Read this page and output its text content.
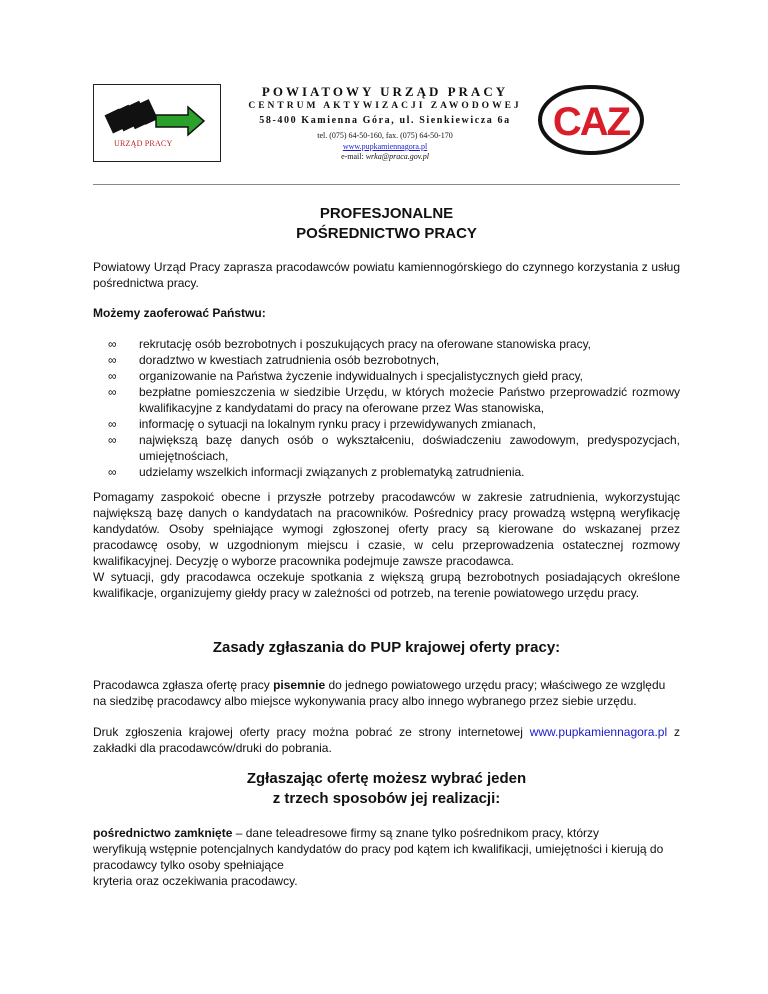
URZĄD PRACY
POWIATOWY URZĄD PRACY
CENTRUM AKTYWIZACJI ZAWODOWEJ
58-400 Kamienna Góra, ul. Sienkiewicza 6a
tel. (075) 64-50-160, fax. (075) 64-50-170
www.pupkamiennagora.pl
e-mail: wrka@praca.gov.pl
CAZ
PROFESJONALNE
POŚREDNICTWO PRACY
Powiatowy Urząd Pracy zaprasza pracodawców powiatu kamiennogórskiego do czynnego korzystania z usług pośrednictwa pracy.
Możemy zaoferować Państwu:
∞ rekrutację osób bezrobotnych i poszukujących pracy na oferowane stanowiska pracy,
∞ doradztwo w kwestiach zatrudnienia osób bezrobotnych,
∞ organizowanie na Państwa życzenie indywidualnych i specjalistycznych giełd pracy,
∞ bezpłatne pomieszczenia w siedzibie Urzędu, w których możecie Państwo przeprowadzić rozmowy kwalifikacyjne z kandydatami do pracy na oferowane przez Was stanowiska,
∞ informację o sytuacji na lokalnym rynku pracy i przewidywanych zmianach,
∞ największą bazę danych osób o wykształceniu, doświadczeniu zawodowym, predyspozycjach, umiejętnościach,
∞ udzielamy wszelkich informacji związanych z problematyką zatrudnienia.
Pomagamy zaspokoić obecne i przyszłe potrzeby pracodawców w zakresie zatrudnienia, wykorzystując największą bazę danych o kandydatach na pracowników. Pośrednicy pracy prowadzą wstępną weryfikację kandydatów. Osoby spełniające wymogi zgłoszonej oferty pracy są kierowane do wskazanej przez pracodawcę osoby, w uzgodnionym miejscu i czasie, w celu przeprowadzenia ostatecznej rozmowy kwalifikacyjnej. Decyzję o wyborze pracownika podejmuje zawsze pracodawca.
W sytuacji, gdy pracodawca oczekuje spotkania z większą grupą bezrobotnych posiadających określone kwalifikacje, organizujemy giełdy pracy w zależności od potrzeb, na terenie powiatowego urzędu pracy.
Zasady zgłaszania do PUP krajowej oferty pracy:
Pracodawca zgłasza ofertę pracy pisemnie do jednego powiatowego urzędu pracy; właściwego ze względu na siedzibę pracodawcy albo miejsce wykonywania pracy albo innego wybranego przez siebie urzędu.
Druk zgłoszenia krajowej oferty pracy można pobrać ze strony internetowej www.pupkamiennagora.pl z zakładki dla pracodawców/druki do pobrania.
Zgłaszając ofertę możesz wybrać jeden
z trzech sposobów jej realizacji:
pośrednictwo zamknięte – dane teleadresowe firmy są znane tylko pośrednikom pracy, którzy
weryfikują wstępnie potencjalnych kandydatów do pracy pod kątem ich kwalifikacji, umiejętności i kierują do pracodawcy tylko osoby spełniające
kryteria oraz oczekiwania pracodawcy.
